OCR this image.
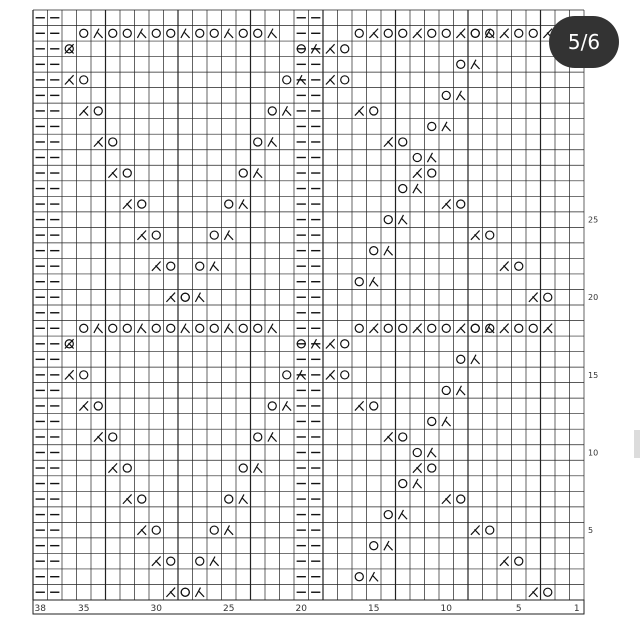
38	35	30	25	20	15	10	5	1
25
20
15
10
5
5/6
